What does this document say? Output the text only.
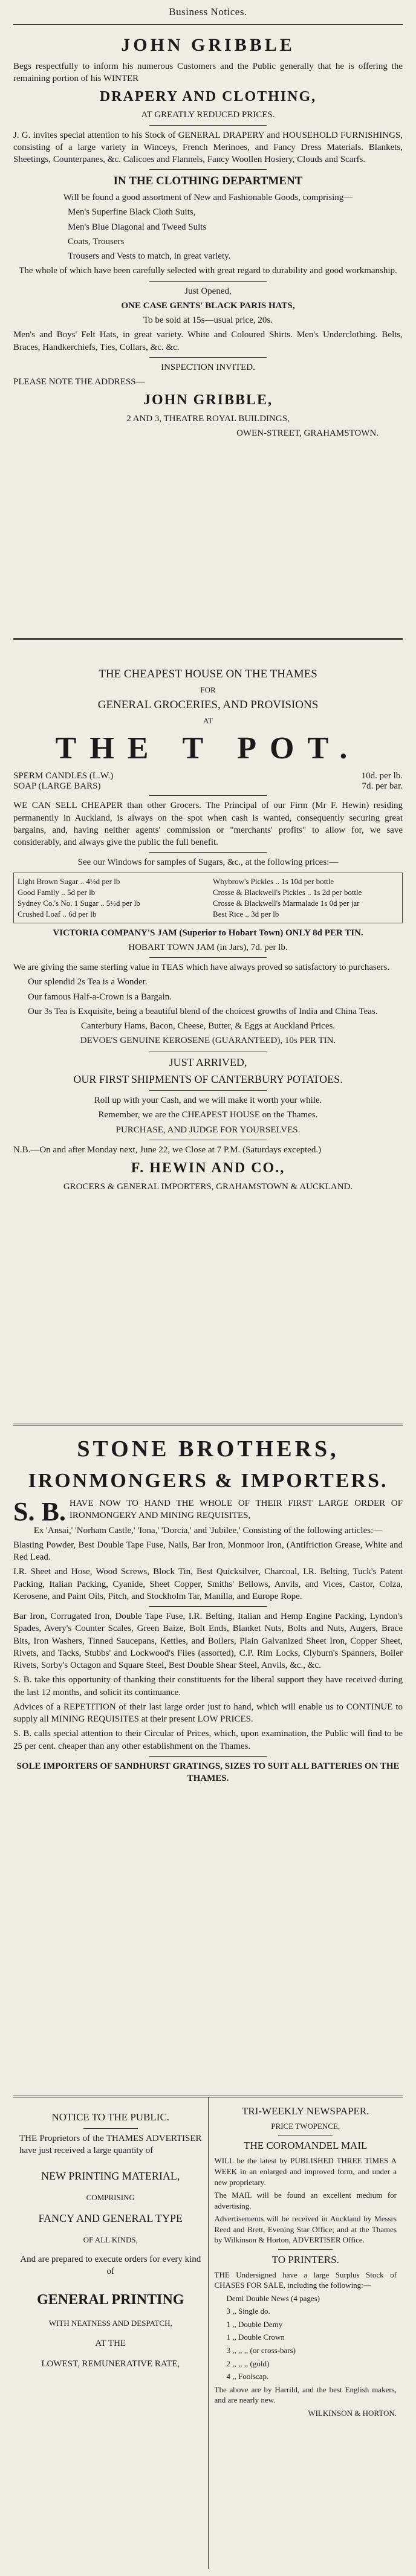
Business Notices.

JOHN GRIBBLE

Begs respectfully to inform his numerous Customers and the Public generally that he is offering the remaining portion of his WINTER

DRAPERY AND CLOTHING,

AT GREATLY REDUCED PRICES.

J. G. invites special attention to his Stock of GENERAL DRAPERY and HOUSEHOLD FURNISHINGS, consisting of a large variety in Winceys, French Merinoes, and Fancy Dress Materials. Blankets, Sheetings, Counterpanes, &c. Calicoes and Flannels, Fancy Woollen Hosiery, Clouds and Scarfs.

IN THE CLOTHING DEPARTMENT

Will be found a good assortment of New and Fashionable Goods, comprising—

Men's Superfine Black Cloth Suits,

Men's Blue Diagonal and Tweed Suits

Coats, Trousers

Trousers and Vests to match, in great variety.

The whole of which have been carefully selected with great regard to durability and good workmanship.

Just Opened,

ONE CASE GENTS' BLACK PARIS HATS,

To be sold at 15s—usual price, 20s.

Men's and Boys' Felt Hats, in great variety. White and Coloured Shirts. Men's Underclothing. Belts, Braces, Handkerchiefs, Ties, Collars, &c. &c.

INSPECTION INVITED.

PLEASE NOTE THE ADDRESS—

JOHN GRIBBLE,

2 AND 3, THEATRE ROYAL BUILDINGS,

OWEN-STREET, GRAHAMSTOWN.

THE CHEAPEST HOUSE ON THE THAMES

FOR

GENERAL GROCERIES, AND PROVISIONS

AT

THE T POT.
SPERM CANDLES (L.W.)	10d. per lb.
SOAP (LARGE BARS)	7d. per bar.

WE CAN SELL CHEAPER than other Grocers. The Principal of our Firm (Mr F. Hewin) residing permanently in Auckland, is always on the spot when cash is wanted, consequently securing great bargains, and, having neither agents' commission or "merchants' profits" to allow for, we save considerably, and always give the public the full benefit.

See our Windows for samples of Sugars, &c., at the following prices:—

Light Brown Sugar .. 4½d per lb	Whybrow's Pickles .. 1s 10d per bottle
Good Family .. 5d per lb	Crosse & Blackwell's Pickles .. 1s 2d per bottle
Sydney Co.'s No. 1 Sugar .. 5½d per lb	Crosse & Blackwell's Marmalade 1s 0d per jar
Crushed Loaf .. 6d per lb	Best Rice .. 3d per lb

VICTORIA COMPANY'S JAM (Superior to Hobart Town) ONLY 8d PER TIN.

HOBART TOWN JAM (in Jars), 7d. per lb.

We are giving the same sterling value in TEAS which have always proved so satisfactory to purchasers.

Our splendid 2s Tea is a Wonder.

Our famous Half-a-Crown is a Bargain.

Our 3s Tea is Exquisite, being a beautiful blend of the choicest growths of India and China Teas.

Canterbury Hams, Bacon, Cheese, Butter, & Eggs at Auckland Prices.

DEVOE'S GENUINE KEROSENE (GUARANTEED), 10s PER TIN.

JUST ARRIVED,

OUR FIRST SHIPMENTS OF CANTERBURY POTATOES.

Roll up with your Cash, and we will make it worth your while.

Remember, we are the CHEAPEST HOUSE on the Thames.

PURCHASE, AND JUDGE FOR YOURSELVES.

N.B.—On and after Monday next, June 22, we Close at 7 P.M. (Saturdays excepted.)

F. HEWIN AND CO.,

GROCERS & GENERAL IMPORTERS, GRAHAMSTOWN & AUCKLAND.

STONE BROTHERS,

IRONMONGERS & IMPORTERS.

S. B. HAVE NOW TO HAND THE WHOLE OF THEIR FIRST LARGE ORDER OF IRONMONGERY AND MINING REQUISITES,

Ex 'Ansai,' 'Norham Castle,' 'Iona,' 'Dorcia,' and 'Jubilee,' Consisting of the following articles:—

Blasting Powder, Best Double Tape Fuse, Nails, Bar Iron, Monmoor Iron, (Antifriction Grease, White and Red Lead.

I.R. Sheet and Hose, Wood Screws, Block Tin, Best Quicksilver, Charcoal, I.R. Belting, Tuck's Patent Packing, Italian Packing, Cyanide, Sheet Copper, Smiths' Bellows, Anvils, and Vices, Castor, Colza, Kerosene, and Paint Oils, Pitch, and Stockholm Tar, Manilla, and Europe Rope.

Bar Iron, Corrugated Iron, Double Tape Fuse, I.R. Belting, Italian and Hemp Engine Packing, Lyndon's Spades, Avery's Counter Scales, Green Baize, Bolt Ends, Blanket Nuts, Bolts and Nuts, Augers, Brace Bits, Iron Washers, Tinned Saucepans, Kettles, and Boilers, Plain Galvanized Sheet Iron, Copper Sheet, Rivets, and Tacks, Stubbs' and Lockwood's Files (assorted), C.P. Rim Locks, Clyburn's Spanners, Boiler Rivets, Sorby's Octagon and Square Steel, Best Double Shear Steel, Anvils, &c., &c.

S. B. take this opportunity of thanking their constituents for the liberal support they have received during the last 12 months, and solicit its continuance.

Advices of a REPETITION of their last large order just to hand, which will enable us to CONTINUE to supply all MINING REQUISITES at their present LOW PRICES.

S. B. calls special attention to their Circular of Prices, which, upon examination, the Public will find to be 25 per cent. cheaper than any other establishment on the Thames.

SOLE IMPORTERS OF SANDHURST GRATINGS, SIZES TO SUIT ALL BATTERIES ON THE THAMES.

NOTICE TO THE PUBLIC.

THE Proprietors of the THAMES ADVERTISER have just received a large quantity of

NEW PRINTING MATERIAL,

COMPRISING

FANCY AND GENERAL TYPE

OF ALL KINDS,

And are prepared to execute orders for every kind of

GENERAL PRINTING

WITH NEATNESS AND DESPATCH,

AT THE

LOWEST, REMUNERATIVE RATE,

TRI-WEEKLY NEWSPAPER.

PRICE TWOPENCE,

THE COROMANDEL MAIL

WILL be the latest by PUBLISHED THREE TIMES A WEEK in an enlarged and improved form, and under a new proprietary.

The MAIL will be found an excellent medium for advertising.

Advertisements will be received in Auckland by Messrs Reed and Brett, Evening Star Office; and at the Thames by Wilkinson & Horton, ADVERTISER Office.

TO PRINTERS.

THE Undersigned have a large Surplus Stock of CHASES FOR SALE, including the following:—

Demi Double News (4 pages)

3 ,, Single do.

1 ,, Double Demy

1 ,, Double Crown

3 ,, ,, ,, (or cross-bars)

2 ,, ,, ,, (gold)

4 ,, Foolscap.

The above are by Harrild, and the best English makers, and are nearly new.

WILKINSON & HORTON.
